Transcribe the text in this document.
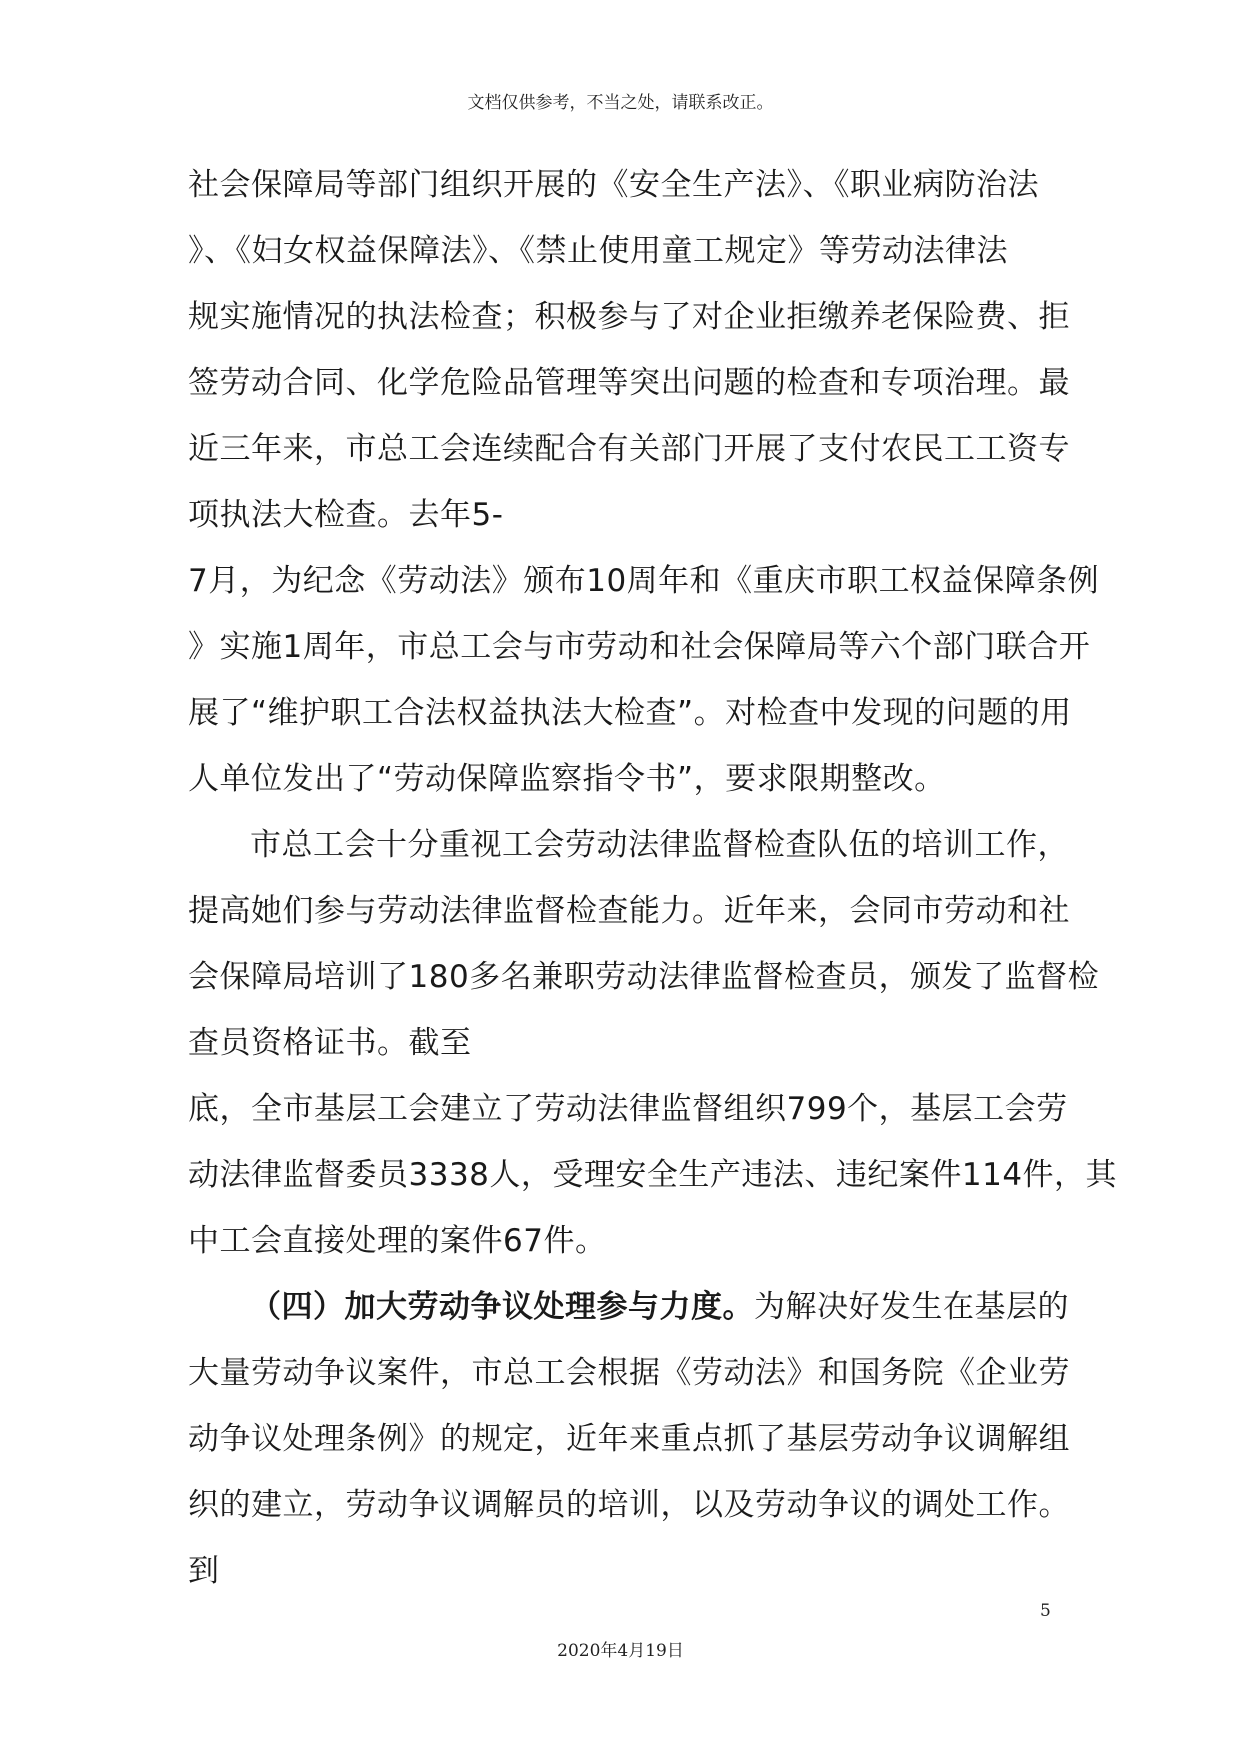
文档仅供参考，不当之处，请联系改正。
社会保障局等部门组织开展的《安全生产法》、《职业病防治法
》、《妇女权益保障法》、《禁止使用童工规定》等劳动法律法
规实施情况的执法检查；积极参与了对企业拒缴养老保险费、拒
签劳动合同、化学危险品管理等突出问题的检查和专项治理。最
近三年来，市总工会连续配合有关部门开展了支付农民工工资专
项执法大检查。去年5-
7月，为纪念《劳动法》颁布10周年和《重庆市职工权益保障条例
》实施1周年，市总工会与市劳动和社会保障局等六个部门联合开
展了“维护职工合法权益执法大检查”。对检查中发现的问题的用
人单位发出了“劳动保障监察指令书”，要求限期整改。
市总工会十分重视工会劳动法律监督检查队伍的培训工作，
提高她们参与劳动法律监督检查能力。近年来，会同市劳动和社
会保障局培训了180多名兼职劳动法律监督检查员，颁发了监督检
查员资格证书。截至
底，全市基层工会建立了劳动法律监督组织799个，基层工会劳
动法律监督委员3338人，受理安全生产违法、违纪案件114件，其
中工会直接处理的案件67件。
（四）加大劳动争议处理参与力度。为解决好发生在基层的
大量劳动争议案件，市总工会根据《劳动法》和国务院《企业劳
动争议处理条例》的规定，近年来重点抓了基层劳动争议调解组
织的建立，劳动争议调解员的培训，以及劳动争议的调处工作。
到
5
2020年4月19日
